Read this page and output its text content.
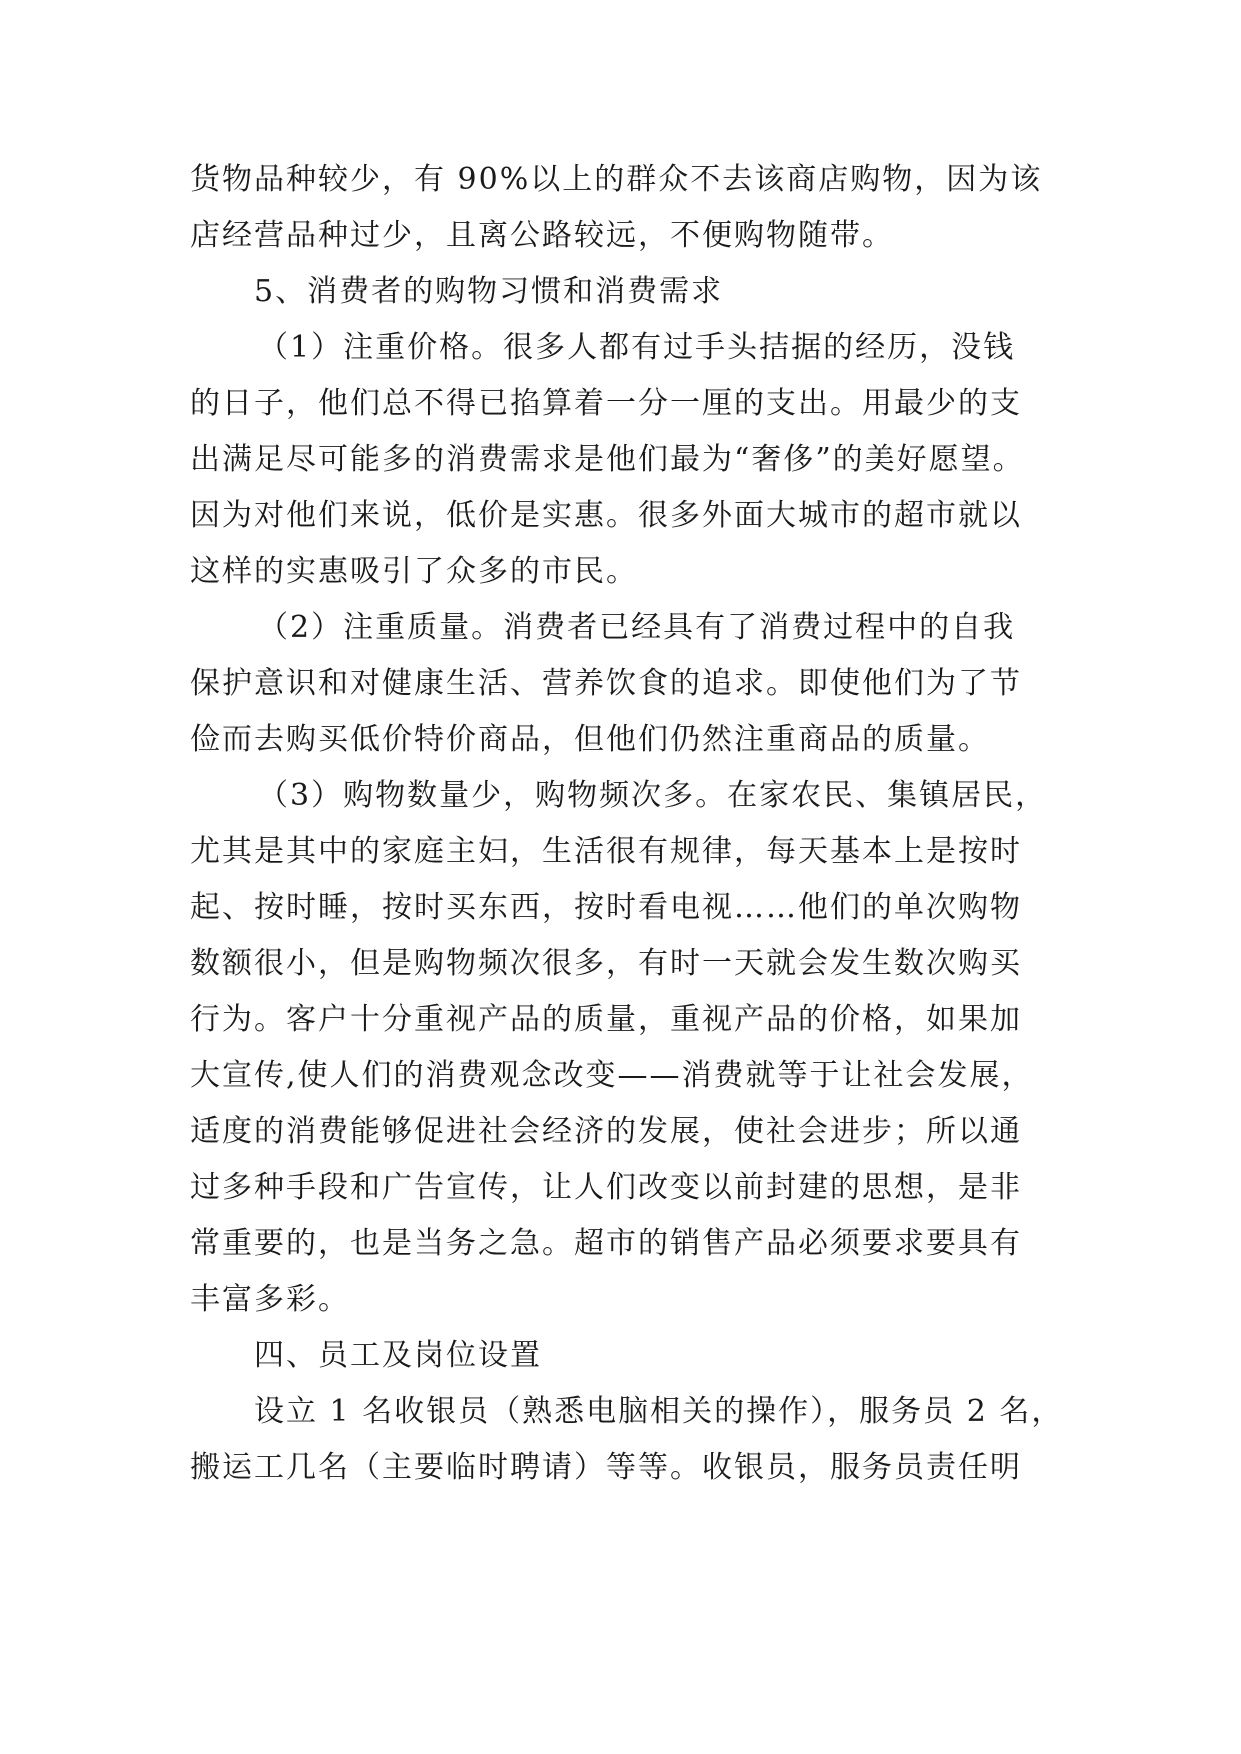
货物品种较少，有 90%以上的群众不去该商店购物，因为该
店经营品种过少，且离公路较远，不便购物随带。
5、消费者的购物习惯和消费需求
（1）注重价格。很多人都有过手头拮据的经历，没钱
的日子，他们总不得已掐算着一分一厘的支出。用最少的支
出满足尽可能多的消费需求是他们最为“奢侈”的美好愿望。
因为对他们来说，低价是实惠。很多外面大城市的超市就以
这样的实惠吸引了众多的市民。
（2）注重质量。消费者已经具有了消费过程中的自我
保护意识和对健康生活、营养饮食的追求。即使他们为了节
俭而去购买低价特价商品，但他们仍然注重商品的质量。
（3）购物数量少，购物频次多。在家农民、集镇居民，
尤其是其中的家庭主妇，生活很有规律，每天基本上是按时
起、按时睡，按时买东西，按时看电视……他们的单次购物
数额很小，但是购物频次很多，有时一天就会发生数次购买
行为。客户十分重视产品的质量，重视产品的价格，如果加
大宣传,使人们的消费观念改变——消费就等于让社会发展，
适度的消费能够促进社会经济的发展，使社会进步；所以通
过多种手段和广告宣传，让人们改变以前封建的思想，是非
常重要的，也是当务之急。超市的销售产品必须要求要具有
丰富多彩。
四、员工及岗位设置
设立 1 名收银员（熟悉电脑相关的操作），服务员 2 名，
搬运工几名（主要临时聘请）等等。收银员，服务员责任明
